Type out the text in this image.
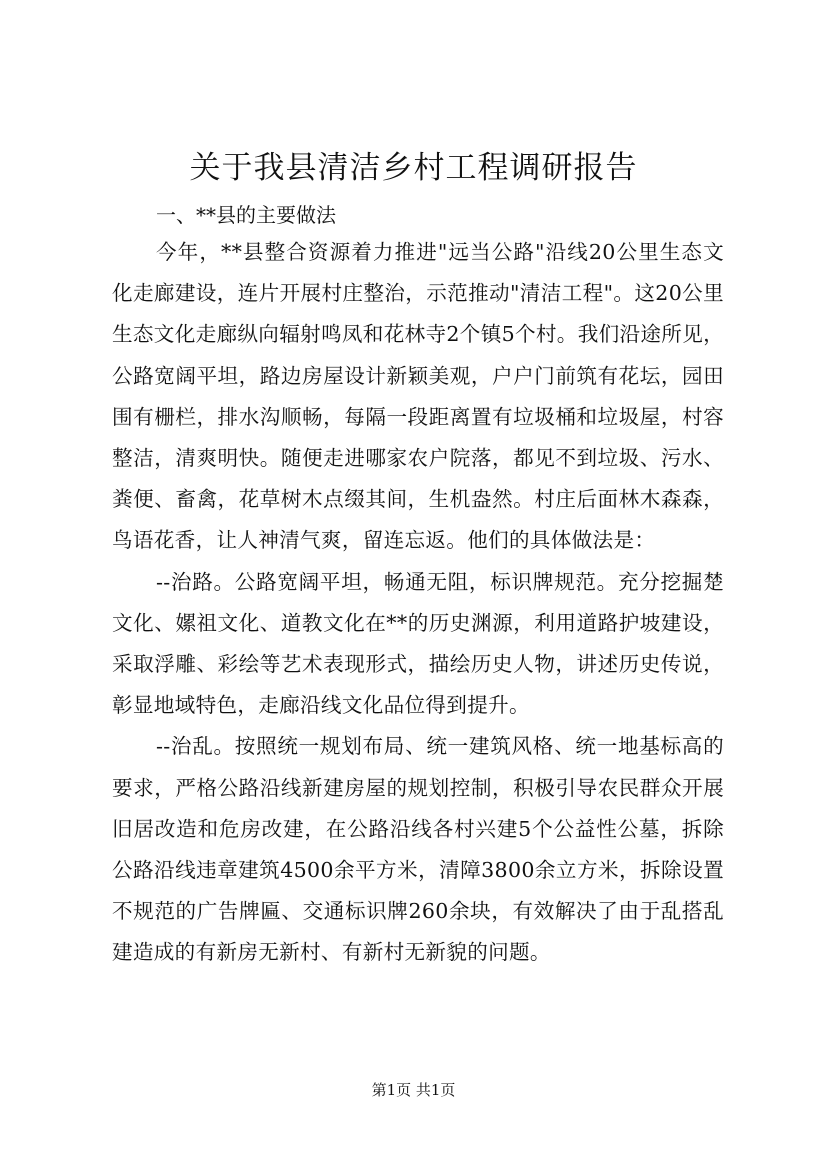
关于我县清洁乡村工程调研报告

一、**县的主要做法

今年，**县整合资源着力推进"远当公路"沿线20公里生态文化走廊建设，连片开展村庄整治，示范推动"清洁工程"。这20公里生态文化走廊纵向辐射鸣凤和花林寺2个镇5个村。我们沿途所见，公路宽阔平坦，路边房屋设计新颖美观，户户门前筑有花坛，园田围有栅栏，排水沟顺畅，每隔一段距离置有垃圾桶和垃圾屋，村容整洁，清爽明快。随便走进哪家农户院落，都见不到垃圾、污水、粪便、畜禽，花草树木点缀其间，生机盎然。村庄后面林木森森，鸟语花香，让人神清气爽，留连忘返。他们的具体做法是：

--治路。公路宽阔平坦，畅通无阻，标识牌规范。充分挖掘楚文化、嫘祖文化、道教文化在**的历史渊源，利用道路护坡建设，采取浮雕、彩绘等艺术表现形式，描绘历史人物，讲述历史传说，彰显地域特色，走廊沿线文化品位得到提升。

--治乱。按照统一规划布局、统一建筑风格、统一地基标高的要求，严格公路沿线新建房屋的规划控制，积极引导农民群众开展旧居改造和危房改建，在公路沿线各村兴建5个公益性公墓，拆除公路沿线违章建筑4500余平方米，清障3800余立方米，拆除设置不规范的广告牌匾、交通标识牌260余块，有效解决了由于乱搭乱建造成的有新房无新村、有新村无新貌的问题。

第1页 共1页
